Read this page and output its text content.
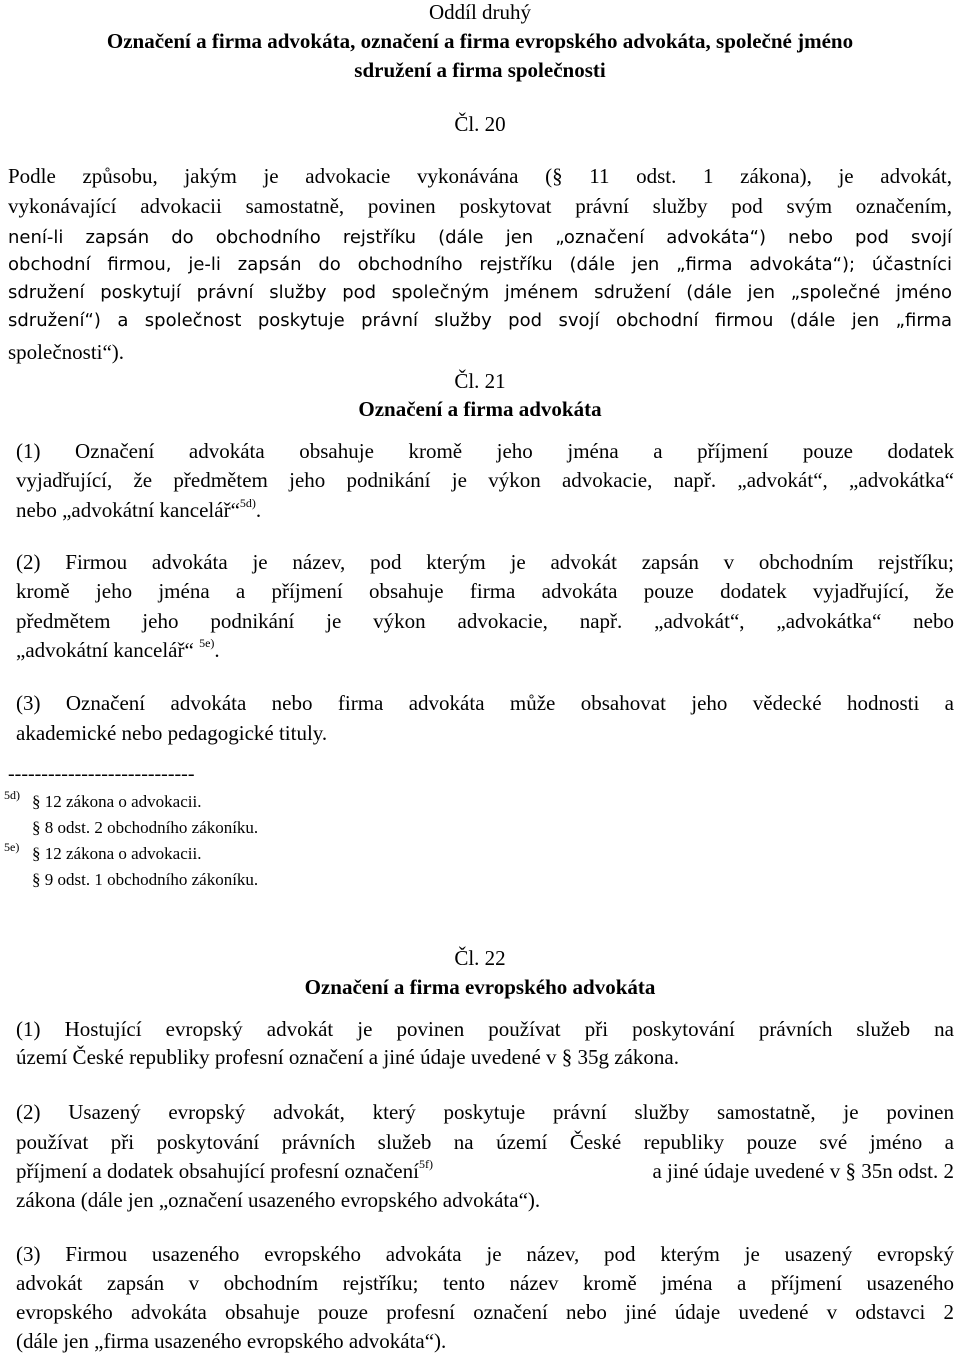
Oddíl druhý
Označení a firma advokáta, označení a firma evropského advokáta, společné jméno
sdružení a firma společnosti
Čl. 20
Podle způsobu, jakým je advokacie vykonávána (§ 11 odst. 1 zákona), je advokát,
vykonávající advokacii samostatně, povinen poskytovat právní služby pod svým označením,
není-li zapsán do obchodního rejstříku (dále jen „označení advokáta“) nebo pod svojí
obchodní firmou, je-li zapsán do obchodního rejstříku (dále jen „firma advokáta“); účastníci
sdružení poskytují právní služby pod společným jménem sdružení (dále jen „společné jméno
sdružení“) a společnost poskytuje právní služby pod svojí obchodní firmou (dále jen „firma
společnosti“).
Čl. 21
Označení a firma advokáta
(1) Označení advokáta obsahuje kromě jeho jména a příjmení pouze dodatek
vyjadřující, že předmětem jeho podnikání je výkon advokacie, např. „advokát“, „advokátka“
nebo „advokátní kancelář“$^{5d)}$.
(2) Firmou advokáta je název, pod kterým je advokát zapsán v obchodním rejstříku;
kromě jeho jména a příjmení obsahuje firma advokáta pouze dodatek vyjadřující, že
předmětem jeho podnikání je výkon advokacie, např. „advokát“, „advokátka“ nebo
„advokátní kancelář“ $^{5e)}$.
(3) Označení advokáta nebo firma advokáta může obsahovat jeho vědecké hodnosti a
akademické nebo pedagogické tituly.
----------------------------
5d) § 12 zákona o advokacii.
§ 8 odst. 2 obchodního zákoníku.
5e) § 12 zákona o advokacii.
§ 9 odst. 1 obchodního zákoníku.
Čl. 22
Označení a firma evropského advokáta
(1) Hostující evropský advokát je povinen používat při poskytování právních služeb na
území České republiky profesní označení a jiné údaje uvedené v § 35g zákona.
(2) Usazený evropský advokát, který poskytuje právní služby samostatně, je povinen
používat při poskytování právních služeb na území České republiky pouze své jméno a
příjmení a dodatek obsahující profesní označení$^{5f)}$	a jiné údaje uvedené v § 35n odst. 2
zákona (dále jen „označení usazeného evropského advokáta“).
(3) Firmou usazeného evropského advokáta je název, pod kterým je usazený evropský
advokát zapsán v obchodním rejstříku; tento název kromě jména a příjmení usazeného
evropského advokáta obsahuje pouze profesní označení nebo jiné údaje uvedené v odstavci 2
(dále jen „firma usazeného evropského advokáta“).
